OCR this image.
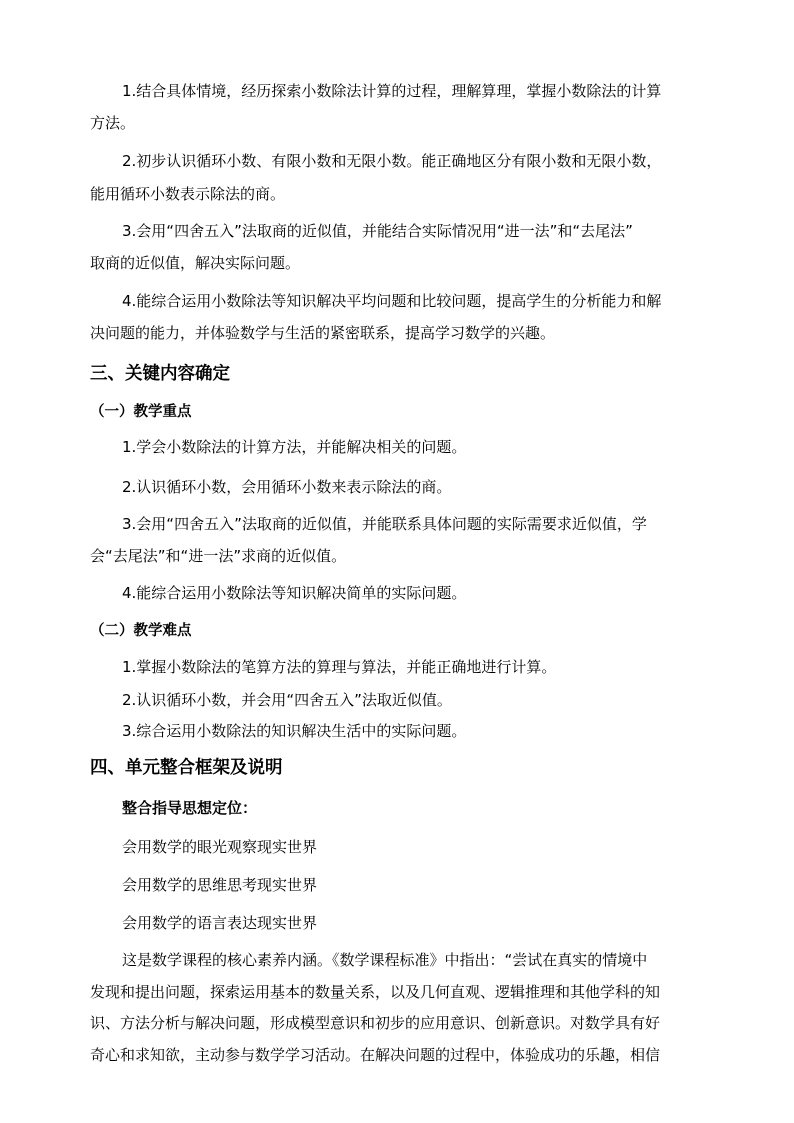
1.结合具体情境，经历探索小数除法计算的过程，理解算理，掌握小数除法的计算
方法。
2.初步认识循环小数、有限小数和无限小数。能正确地区分有限小数和无限小数，
能用循环小数表示除法的商。
3.会用“四舍五入”法取商的近似值，并能结合实际情况用“进一法”和“去尾法”
取商的近似值，解决实际问题。
4.能综合运用小数除法等知识解决平均问题和比较问题，提高学生的分析能力和解
决问题的能力，并体验数学与生活的紧密联系，提高学习数学的兴趣。
三、关键内容确定
（一）教学重点
1.学会小数除法的计算方法，并能解决相关的问题。
2.认识循环小数，会用循环小数来表示除法的商。
3.会用“四舍五入”法取商的近似值，并能联系具体问题的实际需要求近似值，学
会“去尾法”和“进一法”求商的近似值。
4.能综合运用小数除法等知识解决简单的实际问题。
（二）教学难点
1.掌握小数除法的笔算方法的算理与算法，并能正确地进行计算。
2.认识循环小数，并会用“四舍五入”法取近似值。
3.综合运用小数除法的知识解决生活中的实际问题。
四、单元整合框架及说明
整合指导思想定位：
会用数学的眼光观察现实世界
会用数学的思维思考现实世界
会用数学的语言表达现实世界
这是数学课程的核心素养内涵。《数学课程标准》中指出：“尝试在真实的情境中
发现和提出问题，探索运用基本的数量关系，以及几何直观、逻辑推理和其他学科的知
识、方法分析与解决问题，形成模型意识和初步的应用意识、创新意识。对数学具有好
奇心和求知欲，主动参与数学学习活动。在解决问题的过程中，体验成功的乐趣，相信
